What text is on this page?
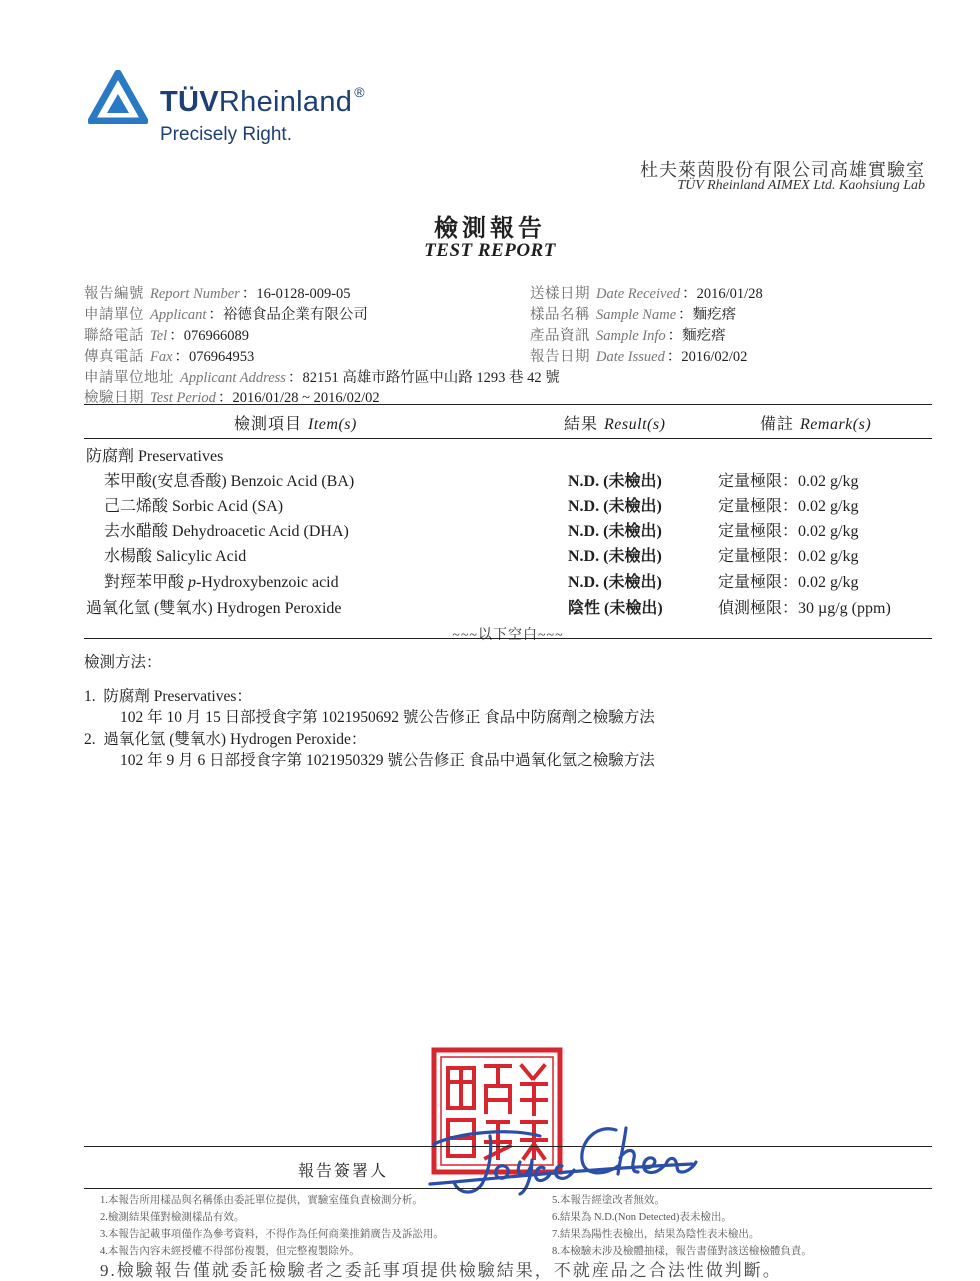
TÜVRheinland ®
Precisely Right.
杜夫萊茵股份有限公司高雄實驗室
TÜV Rheinland AIMEX Ltd. Kaohsiung Lab
檢測報告
TEST REPORT
報告編號 Report Number ：16-0128-009-05
申請單位 Applicant ：裕德食品企業有限公司
聯絡電話 Tel ：076966089
傳真電話 Fax ：076964953
申請單位地址 Applicant Address ：82151 高雄市路竹區中山路 1293 巷 42 號
檢驗日期 Test Period ：2016/01/28 ~ 2016/02/02
送樣日期 Date Received ：2016/01/28
樣品名稱 Sample Name ：麵疙瘩
產品資訊 Sample Info ：麵疙瘩
報告日期 Date Issued ：2016/02/02
檢測項目 Item(s)	結果 Result(s)	備註 Remark(s)
防腐劑 Preservatives
苯甲酸(安息香酸) Benzoic Acid (BA)	N.D. (未檢出)	定量極限：0.02 g/kg
己二烯酸 Sorbic Acid (SA)	N.D. (未檢出)	定量極限：0.02 g/kg
去水醋酸 Dehydroacetic Acid (DHA)	N.D. (未檢出)	定量極限：0.02 g/kg
水楊酸 Salicylic Acid	N.D. (未檢出)	定量極限：0.02 g/kg
對羥苯甲酸 p-Hydroxybenzoic acid	N.D. (未檢出)	定量極限：0.02 g/kg
過氧化氫 (雙氧水) Hydrogen Peroxide	陰性 (未檢出)	偵測極限：30 µg/g (ppm)
~~~以下空白~~~
檢測方法：
1. 防腐劑 Preservatives：
102 年 10 月 15 日部授食字第 1021950692 號公告修正 食品中防腐劑之檢驗方法
2. 過氧化氫 (雙氧水) Hydrogen Peroxide：
102 年 9 月 6 日部授食字第 1021950329 號公告修正 食品中過氧化氫之檢驗方法
報告簽署人
1.本報告所用樣品與名稱係由委託單位提供，實驗室僅負責檢測分析。
2.檢測結果僅對檢測樣品有效。
3.本報告記載事項僅作為參考資料，不得作為任何商業推銷廣告及訴訟用。
4.本報告內容未經授權不得部份複製，但完整複製除外。
5.本報告經塗改者無效。
6.結果為 N.D.(Non Detected)表未檢出。
7.結果為陽性表檢出，結果為陰性表未檢出。
8.本檢驗未涉及檢體抽樣，報告書僅對該送檢檢體負責。
9.檢驗報告僅就委託檢驗者之委託事項提供檢驗結果，不就産品之合法性做判斷。
